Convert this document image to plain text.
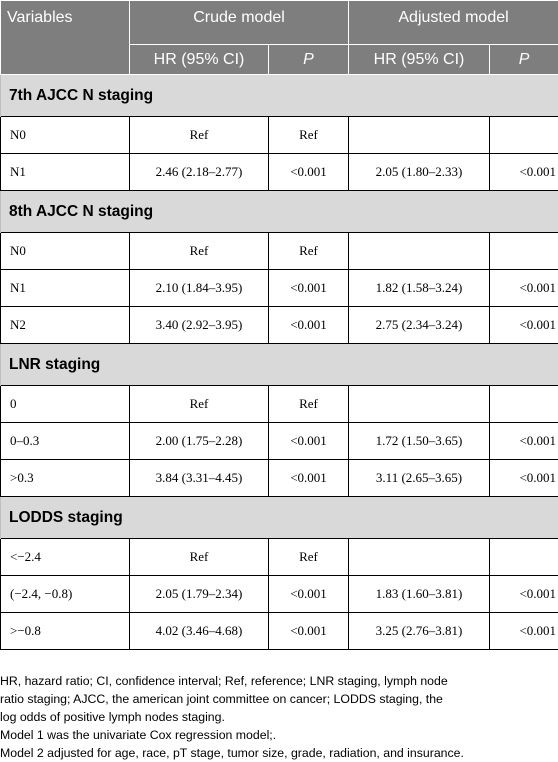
Variables	Crude model		Adjusted model	
	HR (95% CI)	P	HR (95% CI)	P
7th AJCC N staging				
N0	Ref	Ref		
N1	2.46 (2.18–2.77)	<0.001	2.05 (1.80–2.33)	<0.001
8th AJCC N staging				
N0	Ref	Ref		
N1	2.10 (1.84–3.95)	<0.001	1.82 (1.58–3.24)	<0.001
N2	3.40 (2.92–3.95)	<0.001	2.75 (2.34–3.24)	<0.001
LNR staging				
0	Ref	Ref		
0–0.3	2.00 (1.75–2.28)	<0.001	1.72 (1.50–3.65)	<0.001
>0.3	3.84 (3.31–4.45)	<0.001	3.11 (2.65–3.65)	<0.001
LODDS staging				
<−2.4	Ref	Ref		
(−2.4, −0.8)	2.05 (1.79–2.34)	<0.001	1.83 (1.60–3.81)	<0.001
>−0.8	4.02 (3.46–4.68)	<0.001	3.25 (2.76–3.81)	<0.001
HR, hazard ratio; CI, confidence interval; Ref, reference; LNR staging, lymph node
ratio staging; AJCC, the american joint committee on cancer; LODDS staging, the
log odds of positive lymph nodes staging.
Model 1 was the univariate Cox regression model;.
Model 2 adjusted for age, race, pT stage, tumor size, grade, radiation, and insurance.
